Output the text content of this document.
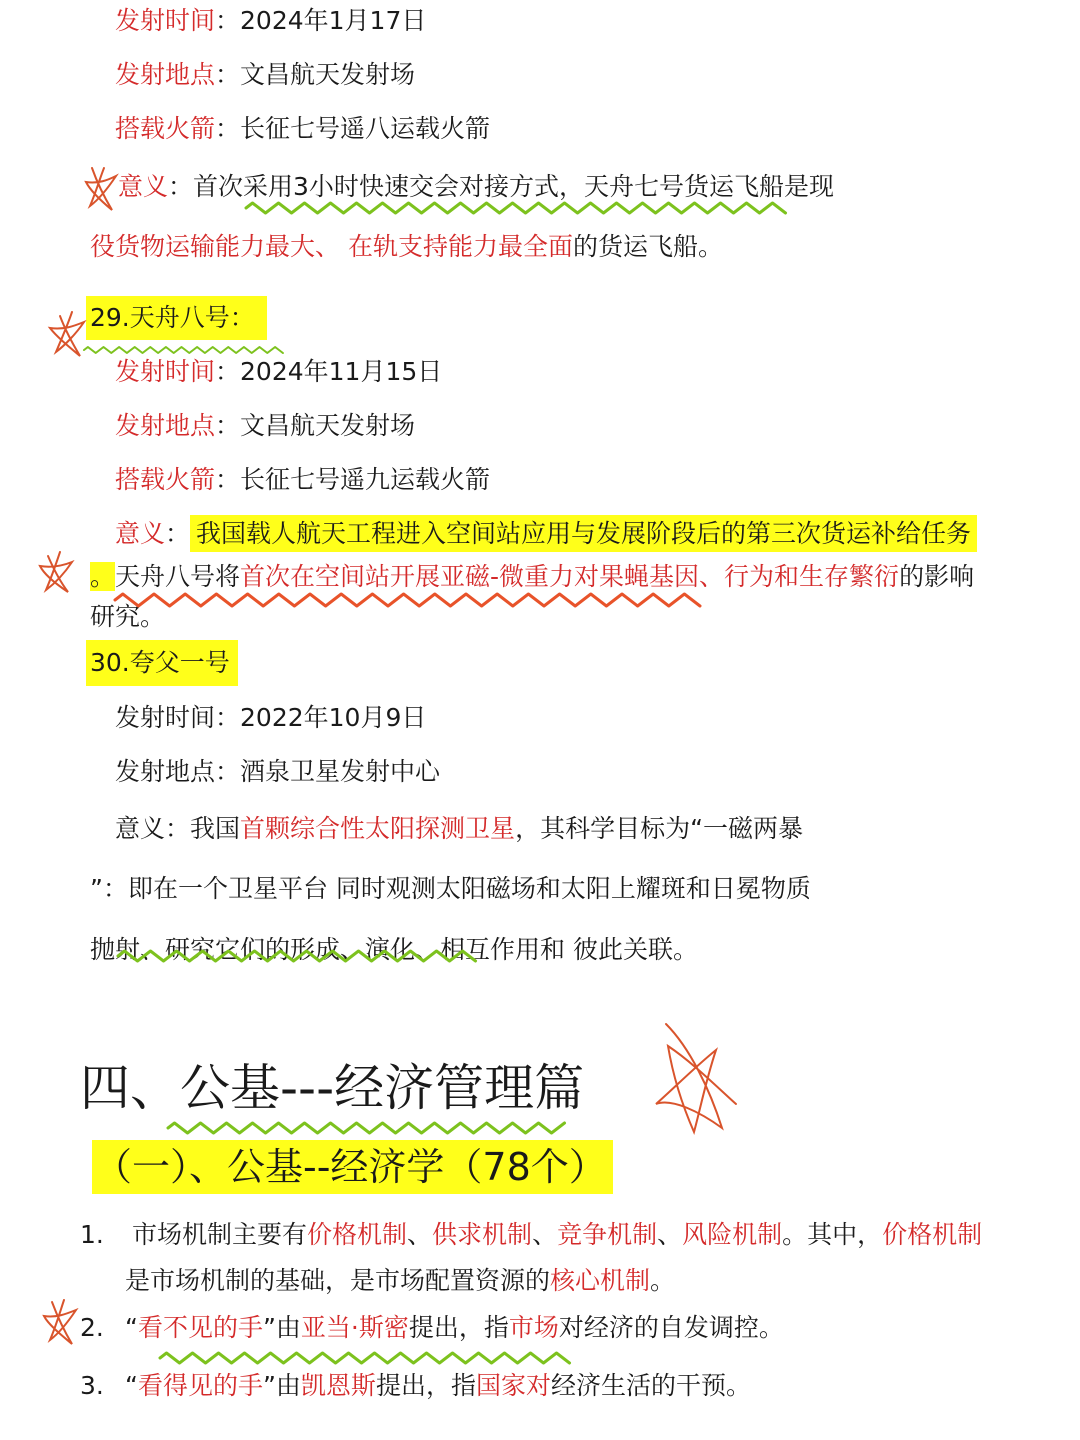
发射时间：2024年1月17日
发射地点：文昌航天发射场
搭载火箭：长征七号遥八运载火箭
意义：首次采用3小时快速交会对接方式，天舟七号货运飞船是现
役货物运输能力最大、 在轨支持能力最全面的货运飞船。
29.天舟八号：
发射时间：2024年11月15日
发射地点：文昌航天发射场
搭载火箭：长征七号遥九运载火箭
意义： 我国载人航天工程进入空间站应用与发展阶段后的第三次货运补给任务
。天舟八号将首次在空间站开展亚磁-微重力对果蝇基因、行为和生存繁衍的影响
研究。
30.夸父一号
发射时间：2022年10月9日
发射地点：酒泉卫星发射中心
意义：我国首颗综合性太阳探测卫星，其科学目标为“一磁两暴
”：即在一个卫星平台 同时观测太阳磁场和太阳上耀斑和日冕物质
抛射、研究它们的形成、演化、相互作用和 彼此关联。
四、公基---经济管理篇
（一）、公基--经济学（78个）
1. 市场机制主要有价格机制、供求机制、竞争机制、风险机制。其中，价格机制
是市场机制的基础，是市场配置资源的核心机制。
2. “看不见的手”由亚当·斯密提出，指市场对经济的自发调控。
3. “看得见的手”由凯恩斯提出，指国家对经济生活的干预。
